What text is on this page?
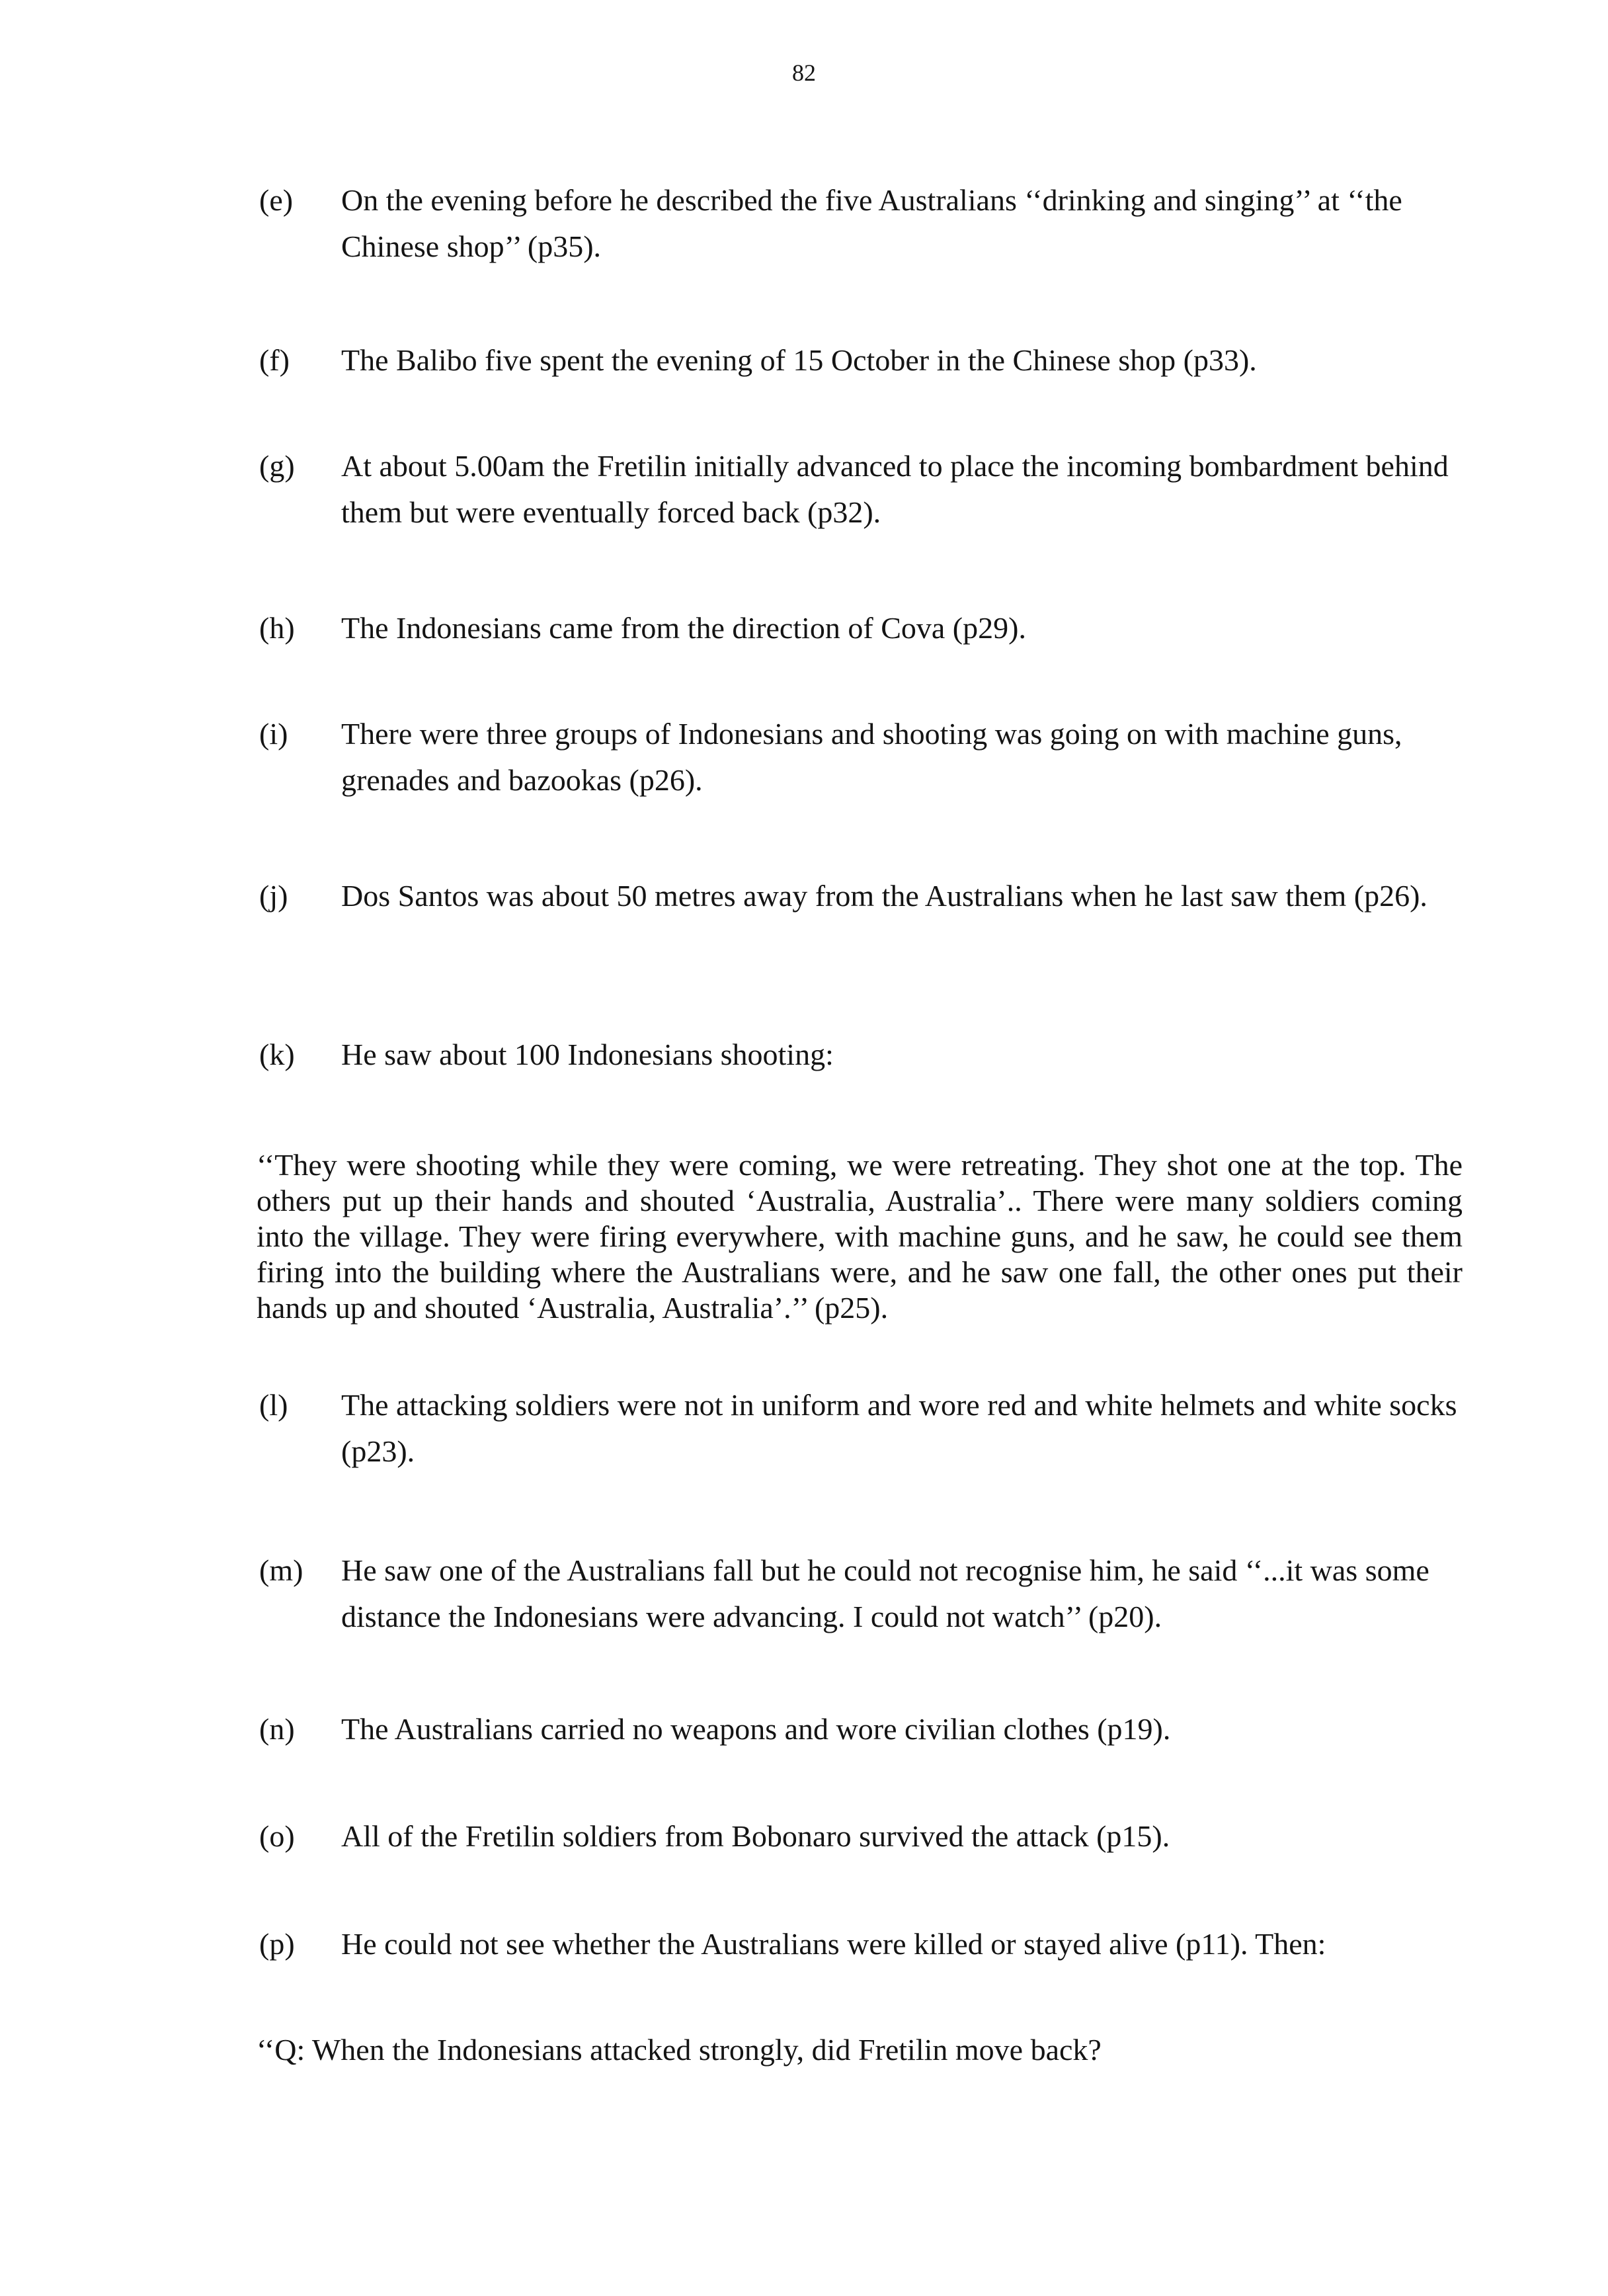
82
(e) On the evening before he described the five Australians ‘‘drinking and singing’’ at ‘‘the Chinese shop’’ (p35).
(f) The Balibo five spent the evening of 15 October in the Chinese shop (p33).
(g) At about 5.00am the Fretilin initially advanced to place the incoming bombardment behind them but were eventually forced back (p32).
(h) The Indonesians came from the direction of Cova (p29).
(i) There were three groups of Indonesians and shooting was going on with machine guns, grenades and bazookas (p26).
(j) Dos Santos was about 50 metres away from the Australians when he last saw them (p26).
(k) He saw about 100 Indonesians shooting:
‘‘They were shooting while they were coming, we were retreating. They shot one at the top. The others put up their hands and shouted ‘Australia, Australia’.. There were many soldiers coming into the village. They were firing everywhere, with machine guns, and he saw, he could see them firing into the building where the Australians were, and he saw one fall, the other ones put their hands up and shouted ‘Australia, Australia’.’’ (p25).
(l) The attacking soldiers were not in uniform and wore red and white helmets and white socks (p23).
(m) He saw one of the Australians fall but he could not recognise him, he said ‘‘...it was some distance the Indonesians were advancing. I could not watch’’ (p20).
(n) The Australians carried no weapons and wore civilian clothes (p19).
(o) All of the Fretilin soldiers from Bobonaro survived the attack (p15).
(p) He could not see whether the Australians were killed or stayed alive (p11). Then:
‘‘Q: When the Indonesians attacked strongly, did Fretilin move back?
